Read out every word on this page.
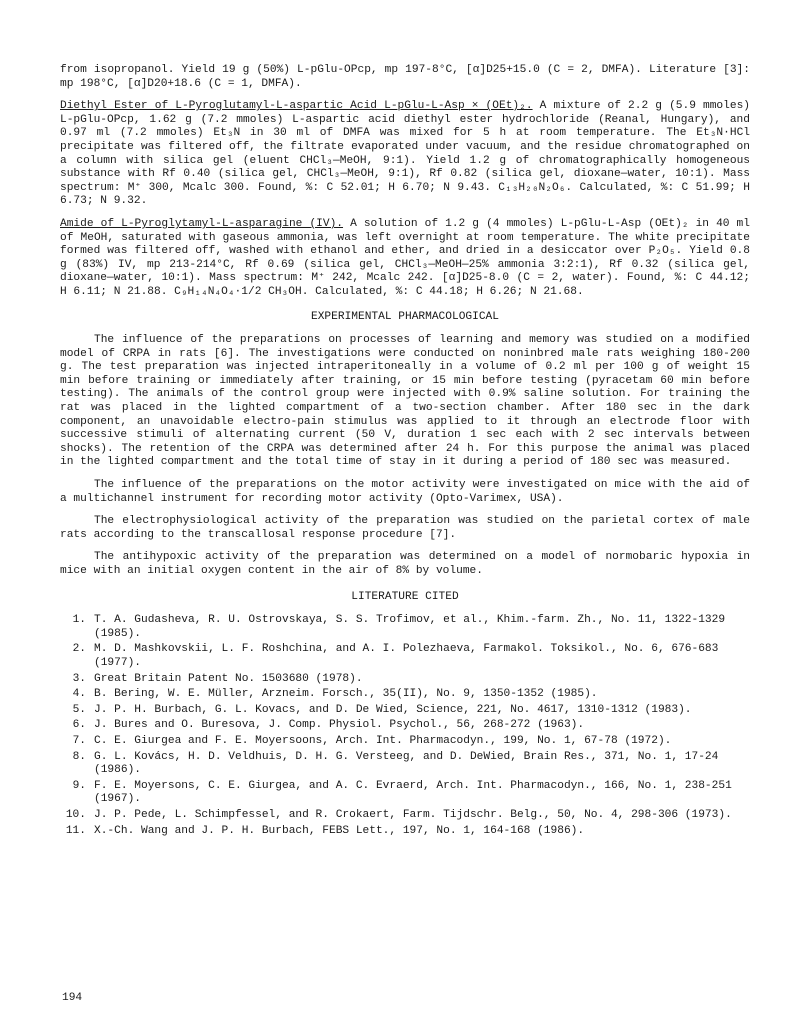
from isopropanol. Yield 19 g (50%) L-pGlu-OPcp, mp 197-8°C, [α]D25+15.0 (C = 2, DMFA). Literature [3]: mp 198°C, [α]D20+18.6 (C = 1, DMFA).

Diethyl Ester of L-Pyroglutamyl-L-aspartic Acid L-pGlu-L-Asp × (OEt)₂. A mixture of 2.2 g (5.9 mmoles) L-pGlu-OPcp, 1.62 g (7.2 mmoles) L-aspartic acid diethyl ester hydrochloride (Reanal, Hungary), and 0.97 ml (7.2 mmoles) Et₃N in 30 ml of DMFA was mixed for 5 h at room temperature. The Et₃N·HCl precipitate was filtered off, the filtrate evaporated under vacuum, and the residue chromatographed on a column with silica gel (eluent CHCl₃—MeOH, 9:1). Yield 1.2 g of chromatographically homogeneous substance with Rf 0.40 (silica gel, CHCl₃—MeOH, 9:1), Rf 0.82 (silica gel, dioxane—water, 10:1). Mass spectrum: M⁺ 300, Mcalc 300. Found, %: C 52.01; H 6.70; N 9.43. C₁₃H₂₀N₂O₆. Calculated, %: C 51.99; H 6.73; N 9.32.

Amide of L-Pyroglytamyl-L-asparagine (IV). A solution of 1.2 g (4 mmoles) L-pGlu-L-Asp (OEt)₂ in 40 ml of MeOH, saturated with gaseous ammonia, was left overnight at room temperature. The white precipitate formed was filtered off, washed with ethanol and ether, and dried in a desiccator over P₂O₅. Yield 0.8 g (83%) IV, mp 213-214°C, Rf 0.69 (silica gel, CHCl₃—MeOH—25% ammonia 3:2:1), Rf 0.32 (silica gel, dioxane—water, 10:1). Mass spectrum: M⁺ 242, Mcalc 242. [α]D25-8.0 (C = 2, water). Found, %: C 44.12; H 6.11; N 21.88. C₉H₁₄N₄O₄·1/2 CH₃OH. Calculated, %: C 44.18; H 6.26; N 21.68.

EXPERIMENTAL PHARMACOLOGICAL

The influence of the preparations on processes of learning and memory was studied on a modified model of CRPA in rats [6]. The investigations were conducted on noninbred male rats weighing 180-200 g. The test preparation was injected intraperitoneally in a volume of 0.2 ml per 100 g of weight 15 min before training or immediately after training, or 15 min before testing (pyracetam 60 min before testing). The animals of the control group were injected with 0.9% saline solution. For training the rat was placed in the lighted compartment of a two-section chamber. After 180 sec in the dark component, an unavoidable electro-pain stimulus was applied to it through an electrode floor with successive stimuli of alternating current (50 V, duration 1 sec each with 2 sec intervals between shocks). The retention of the CRPA was determined after 24 h. For this purpose the animal was placed in the lighted compartment and the total time of stay in it during a period of 180 sec was measured.

The influence of the preparations on the motor activity were investigated on mice with the aid of a multichannel instrument for recording motor activity (Opto-Varimex, USA).

The electrophysiological activity of the preparation was studied on the parietal cortex of male rats according to the transcallosal response procedure [7].

The antihypoxic activity of the preparation was determined on a model of normobaric hypoxia in mice with an initial oxygen content in the air of 8% by volume.

LITERATURE CITED
1. T. A. Gudasheva, R. U. Ostrovskaya, S. S. Trofimov, et al., Khim.-farm. Zh., No. 11, 1322-1329 (1985).
2. M. D. Mashkovskii, L. F. Roshchina, and A. I. Polezhaeva, Farmakol. Toksikol., No. 6, 676-683 (1977).
3. Great Britain Patent No. 1503680 (1978).
4. B. Bering, W. E. Müller, Arzneim. Forsch., 35(II), No. 9, 1350-1352 (1985).
5. J. P. H. Burbach, G. L. Kovacs, and D. De Wied, Science, 221, No. 4617, 1310-1312 (1983).
6. J. Bures and O. Buresova, J. Comp. Physiol. Psychol., 56, 268-272 (1963).
7. C. E. Giurgea and F. E. Moyersoons, Arch. Int. Pharmacodyn., 199, No. 1, 67-78 (1972).
8. G. L. Kovács, H. D. Veldhuis, D. H. G. Versteeg, and D. DeWied, Brain Res., 371, No. 1, 17-24 (1986).
9. F. E. Moyersons, C. E. Giurgea, and A. C. Evraerd, Arch. Int. Pharmacodyn., 166, No. 1, 238-251 (1967).
10. J. P. Pede, L. Schimpfessel, and R. Crokaert, Farm. Tijdschr. Belg., 50, No. 4, 298-306 (1973).
11. X.-Ch. Wang and J. P. H. Burbach, FEBS Lett., 197, No. 1, 164-168 (1986).
194
